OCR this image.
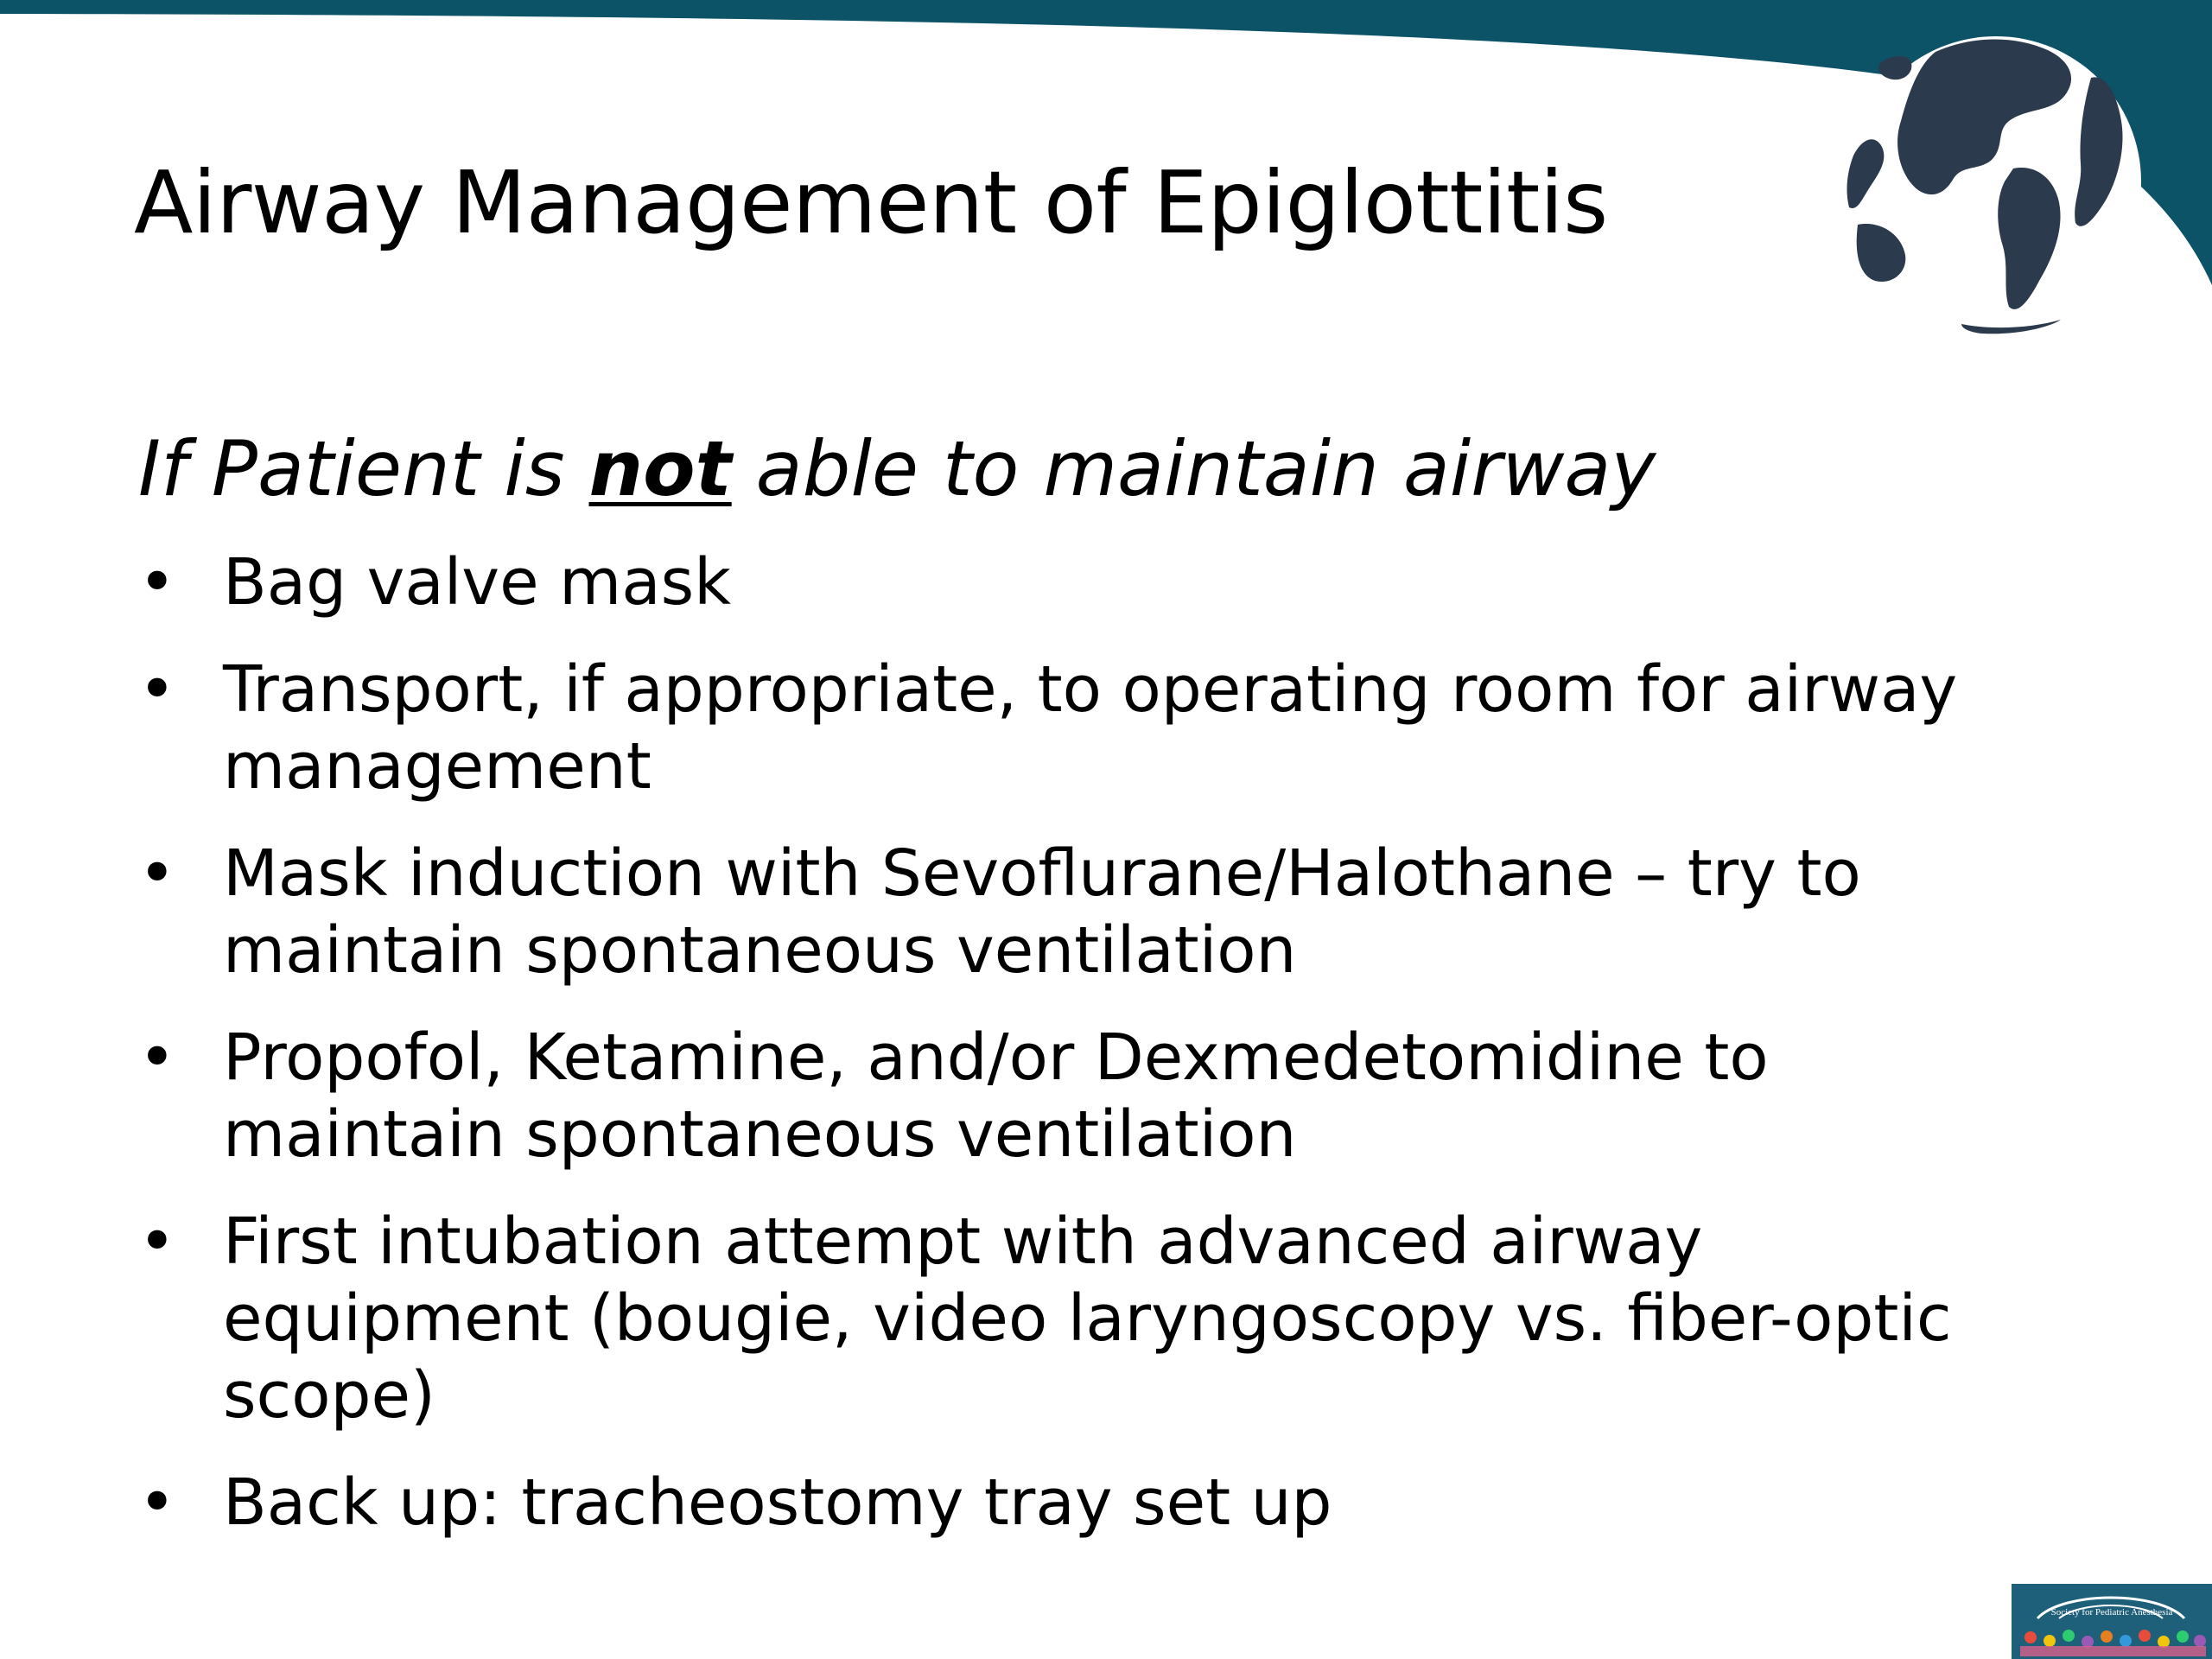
Airway Management of Epiglottitis
If Patient is not able to maintain airway
• Bag valve mask
• Transport, if appropriate, to operating room for airway management
• Mask induction with Sevoflurane/Halothane – try to maintain spontaneous ventilation
• Propofol, Ketamine, and/or Dexmedetomidine to maintain spontaneous ventilation
• First intubation attempt with advanced airway equipment (bougie, video laryngoscopy vs. fiber-optic scope)
• Back up: tracheostomy tray set up
Society for Pediatric Anesthesia
